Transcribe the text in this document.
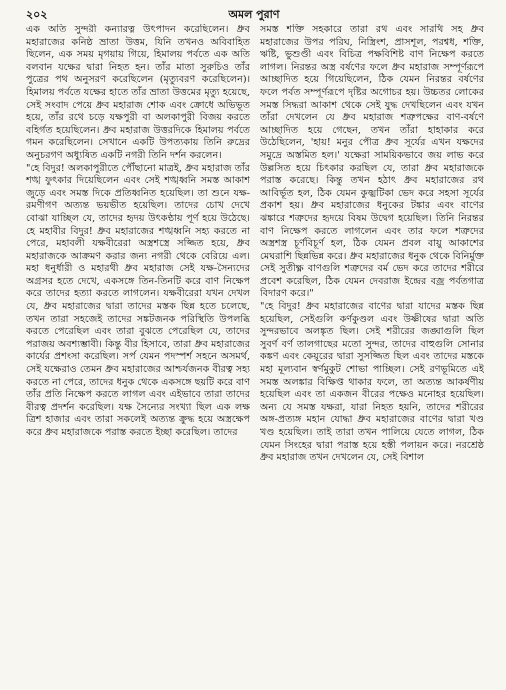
২০২	অমল পুরাণ

এক অতি সুন্দরী কন্যারত্ন উৎপাদন করেছিলেন। ধ্রুব মহারাজের কনিষ্ঠ ভ্রাতা উত্তম, যিনি তখনও অবিবাহিত ছিলেন, এক সময় মৃগয়ায় গিয়ে, হিমালয় পর্বতে এক অতি বলবান যক্ষের দ্বারা নিহত হন। তাঁর মাতা সুরুচিও তাঁর পুত্রের পথ অনুসরণ করেছিলেন (মৃত্যুবরণ করেছিলেন)। হিমালয় পর্বতে যক্ষের হাতে তাঁর ভ্রাতা উত্তমের মৃত্যু হয়েছে, সেই সংবাদ পেয়ে ধ্রুব মহারাজ শোক এবং ক্রোধে অভিভূত হয়ে, তাঁর রথে চড়ে যক্ষপুরী বা অলকাপুরী বিজয় করতে বহির্গত হয়েছিলেন। ধ্রুব মহারাজ উত্তরদিকে হিমালয় পর্বতে গমন করেছিলেন। সেখানে একটি উপত্যকায় তিনি রুদ্রের অনুচরগণ অধ্যুষিত একটি নগরী তিনি দর্শন করলেন।

"হে বিদুর! অলকাপুরীতে পৌঁছানো মাত্রই, ধ্রুব মহারাজ তাঁর শঙ্খ ফুৎকার দিয়েছিলেন এবং সেই শঙ্খধ্বনি সমস্ত আকাশ জুড়ে এবং সমস্ত দিকে প্রতিধ্বনিত হয়েছিল। তা শুনে যক্ষ-রমণীগণ অত্যন্ত ভয়ভীত হয়েছিল। তাদের চোখ দেখে বোঝা যাচ্ছিল যে, তাদের হৃদয় উৎকণ্ঠায় পূর্ণ হয়ে উঠেছে। হে মহাবীর বিদুর! ধ্রুব মহারাজের শঙ্খধ্বনি সহ্য করতে না পেরে, মহাবলী যক্ষবীরেরা অস্ত্রশস্ত্রে সজ্জিত হয়ে, ধ্রুব মহারাজকে আক্রমণ করার জন্য নগরী থেকে বেরিয়ে এল। মহা ধনুর্ধারী ও মহারথী ধ্রুব মহারাজ সেই যক্ষ-সৈন্যদের অগ্রসর হতে দেখে, একসঙ্গে তিন-তিনটি করে বাণ নিক্ষেপ করে তাদের হত্যা করতে লাগলেন। যক্ষবীরেরা যখন দেখল যে, ধ্রুব মহারাজের দ্বারা তাদের মস্তক ছিন্ন হতে চলেছে, তখন তারা সহজেই তাদের সঙ্কটজনক পরিস্থিতি উপলব্ধি করতে পেরেছিল এবং তারা বুঝতে পেরেছিল যে, তাদের পরাজয় অবশ্যম্ভাবী। কিন্তু বীর হিসাবে, তারা ধ্রুব মহারাজের কার্যের প্রশংসা করেছিল। সর্প যেমন পদস্পর্শ সহনে অসমর্থ, সেই যক্ষেরাও তেমন ধ্রুব মহারাজের আশ্চর্যজনক বীরত্ব সহ্য করতে না পেরে, তাদের ধনুক থেকে একসঙ্গে ছয়টি করে বাণ তাঁর প্রতি নিক্ষেপ করতে লাগল এবং এইভাবে তারা তাদের বীরত্ব প্রদর্শন করেছিল। যক্ষ সৈন্যের সংখ্যা ছিল এক লক্ষ ত্রিশ হাজার এবং তারা সকলেই অত্যন্ত ক্রুদ্ধ হয়ে অস্ত্রক্ষেপ করে ধ্রুব মহারাজকে পরাস্ত করতে ইচ্ছা করেছিল। তাদের

সমস্ত শক্তি সহকারে তারা রথ এবং সারথি সহ ধ্রুব মহারাজের উপর পরিঘ, নিস্ত্রিংশ, প্রাসশূল, পরশ্বধ, শক্তি, ঋষ্টি, ভুশুণ্ডী এবং বিচিত্র পক্ষবিশিষ্ট বাণ নিক্ষেপ করতে লাগল। নিরন্তর অস্ত্র বর্ষণের ফলে ধ্রুব মহারাজ সম্পূর্ণরূপে আচ্ছাদিত হয়ে গিয়েছিলেন, ঠিক যেমন নিরন্তর বর্ষণের ফলে পর্বত সম্পূর্ণরূপে দৃষ্টির অগোচর হয়। উচ্চতর লোকের সমস্ত সিদ্ধরা আকাশ থেকে সেই যুদ্ধ দেখছিলেন এবং যখন তাঁরা দেখলেন যে ধ্রুব মহারাজ শত্রুপক্ষের বাণ-বর্ষণে আচ্ছাদিত হয়ে গেছেন, তখন তাঁরা হাহাকার করে উঠেছিলেন, 'হায়! মনুর পৌত্র ধ্রুব সূর্যের এখন যক্ষদের সমুদ্রে অস্তমিত হল।' যক্ষেরা সাময়িকভাবে জয় লাভ করে উল্লসিত হয়ে চিৎকার করছিল যে, তারা ধ্রুব মহারাজকে পরাস্ত করেছে। কিন্তু তখন হঠাৎ ধ্রুব মহারাজের রথ আবির্ভূত হল, ঠিক যেমন কুজ্ঝটিকা ভেদ করে সহসা সূর্যের প্রকাশ হয়। ধ্রুব মহারাজের ধনুকের টঙ্কার এবং বাণের ঝঙ্কারে শত্রুদের হৃদয়ে বিষম উদ্বেগ হয়েছিল। তিনি নিরন্তর বাণ নিক্ষেপ করতে লাগলেন এবং তার ফলে শত্রুদের অস্ত্রশস্ত্র চূর্ণবিচূর্ণ হল, ঠিক যেমন প্রবল বায়ু আকাশের মেঘরাশি ছিন্নভিন্ন করে। ধ্রুব মহারাজের ধনুক থেকে বিনির্মুক্ত সেই সুতীক্ষ্ণ বাণগুলি শত্রুদের বর্ম ভেদ করে তাদের শরীরে প্রবেশ করেছিল, ঠিক যেমন দেবরাজ ইন্দ্রের বজ্র পর্বতগাত্র বিদারণ করে।"

"হে বিদুর! ধ্রুব মহারাজের বাণের দ্বারা যাদের মস্তক ছিন্ন হয়েছিল, সেইগুলি কর্ণকুণ্ডল এবং উষ্ণীষের দ্বারা অতি সুন্দরভাবে অলঙ্কৃত ছিল। সেই শরীরের জঙ্ঘাগুলি ছিল সুবর্ণ বর্ণ তালগাছের মতো সুন্দর, তাদের বাহুগুলি সোনার কঙ্কণ এবং কেয়ূরের দ্বারা সুসজ্জিত ছিল এবং তাদের মস্তকে মহা মূল্যবান স্বর্ণমুকুট শোভা পাচ্ছিল। সেই রণভূমিতে এই সমস্ত অলঙ্কার বিক্ষিপ্ত থাকার ফলে, তা অত্যন্ত আকর্ষণীয় হয়েছিল এবং তা একজন বীরের পক্ষেও মনোহর হয়েছিল। অন্য যে সমস্ত যক্ষরা, যারা নিহত হয়নি, তাদের শরীরের অঙ্গ-প্রত্যঙ্গ মহান যোদ্ধা ধ্রুব মহারাজের বাণের দ্বারা খণ্ড খণ্ড হয়েছিল। তাই তারা তখন পালিয়ে যেতে লাগল, ঠিক যেমন সিংহের দ্বারা পরাস্ত হয়ে হস্তী পলায়ন করে। নরশ্রেষ্ঠ ধ্রুব মহারাজ তখন দেখলেন যে, সেই বিশাল
